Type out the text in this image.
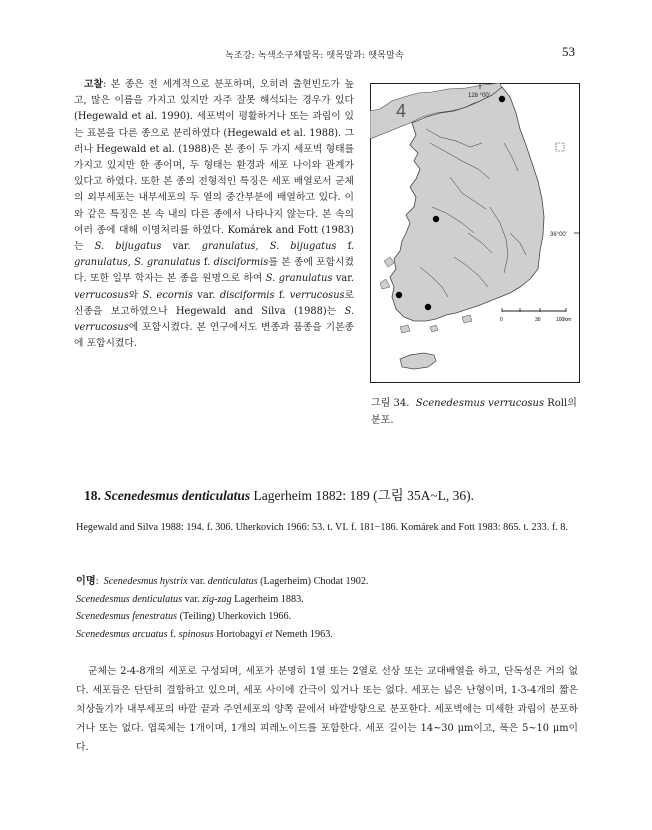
녹조강: 녹색소구체말목: 뗏목말과: 뗏목말속	53

고찰: 본 종은 전 세계적으로 분포하며, 오히려 출현빈도가 높고, 많은 이름을 가지고 있지만 자주 잘못 해석되는 경우가 있다 (Hegewald et al. 1990). 세포벽이 평활하거나 또는 과립이 있는 표본을 다른 종으로 분리하였다 (Hegewald et al. 1988). 그러나 Hegewald et al. (1988)은 본 종이 두 가지 세포벽 형태를 가지고 있지만 한 종이며, 두 형태는 환경과 세포 나이와 관계가 있다고 하였다. 또한 본 종의 전형적인 특징은 세포 배열로서 군체의 외부세포는 내부세포의 두 열의 중간부분에 배열하고 있다. 이와 같은 특징은 본 속 내의 다른 종에서 나타나지 않는다. 본 속의 여러 종에 대해 이명처리를 하였다. Komárek and Fott (1983)는 S. bijugatus var. granulatus, S. bijugatus f. granulatus, S. granulatus f. disciformis를 본 종에 포함시켰다. 또한 일부 학자는 본 종을 원명으로 하여 S. granulatus var. verrucosus와 S. ecornis var. disciformis f. verrucosus로 신종을 보고하였으나 Hegewald and Silva (1988)는 S. verrucosus에 포함시켰다. 본 연구에서도 변종과 품종을 기본종에 포함시켰다.

4
128 °00'
36°00'
0	30	100km
그림 34. Scenedesmus verrucosus Roll의 분포.
18. Scenedesmus denticulatus Lagerheim 1882: 189 (그림 35A~L, 36).

Hegewald and Silva 1988: 194. f. 306. Uherkovich 1966: 53. t. VI. f. 181−186. Komárek and Fott 1983: 865. t. 233. f. 8.

이명:  Scenedesmus hystrix var. denticulatus (Lagerheim) Chodat 1902.
Scenedesmus denticulatus var. zig-zag Lagerheim 1883.
Scenedesmus fenestratus (Teiling) Uherkovich 1966.
Scenedesmus arcuatus f. spinosus Hortobagyi et Nemeth 1963.

군체는 2-4-8개의 세포로 구성되며, 세포가 분명히 1열 또는 2열로 선상 또는 교대배열을 하고, 단독성은 거의 없다. 세포들은 단단히 결합하고 있으며, 세포 사이에 간극이 있거나 또는 없다. 세포는 넓은 난형이며, 1-3-4개의 짧은 치상돌기가 내부세포의 바깥 끝과 주연세포의 양쪽 끝에서 바깥방향으로 분포한다. 세포벽에는 미세한 과립이 분포하거나 또는 없다. 엽록체는 1개이며, 1개의 피레노이드를 포함한다. 세포 길이는 14~30 μm이고, 폭은 5~10 μm이다.
